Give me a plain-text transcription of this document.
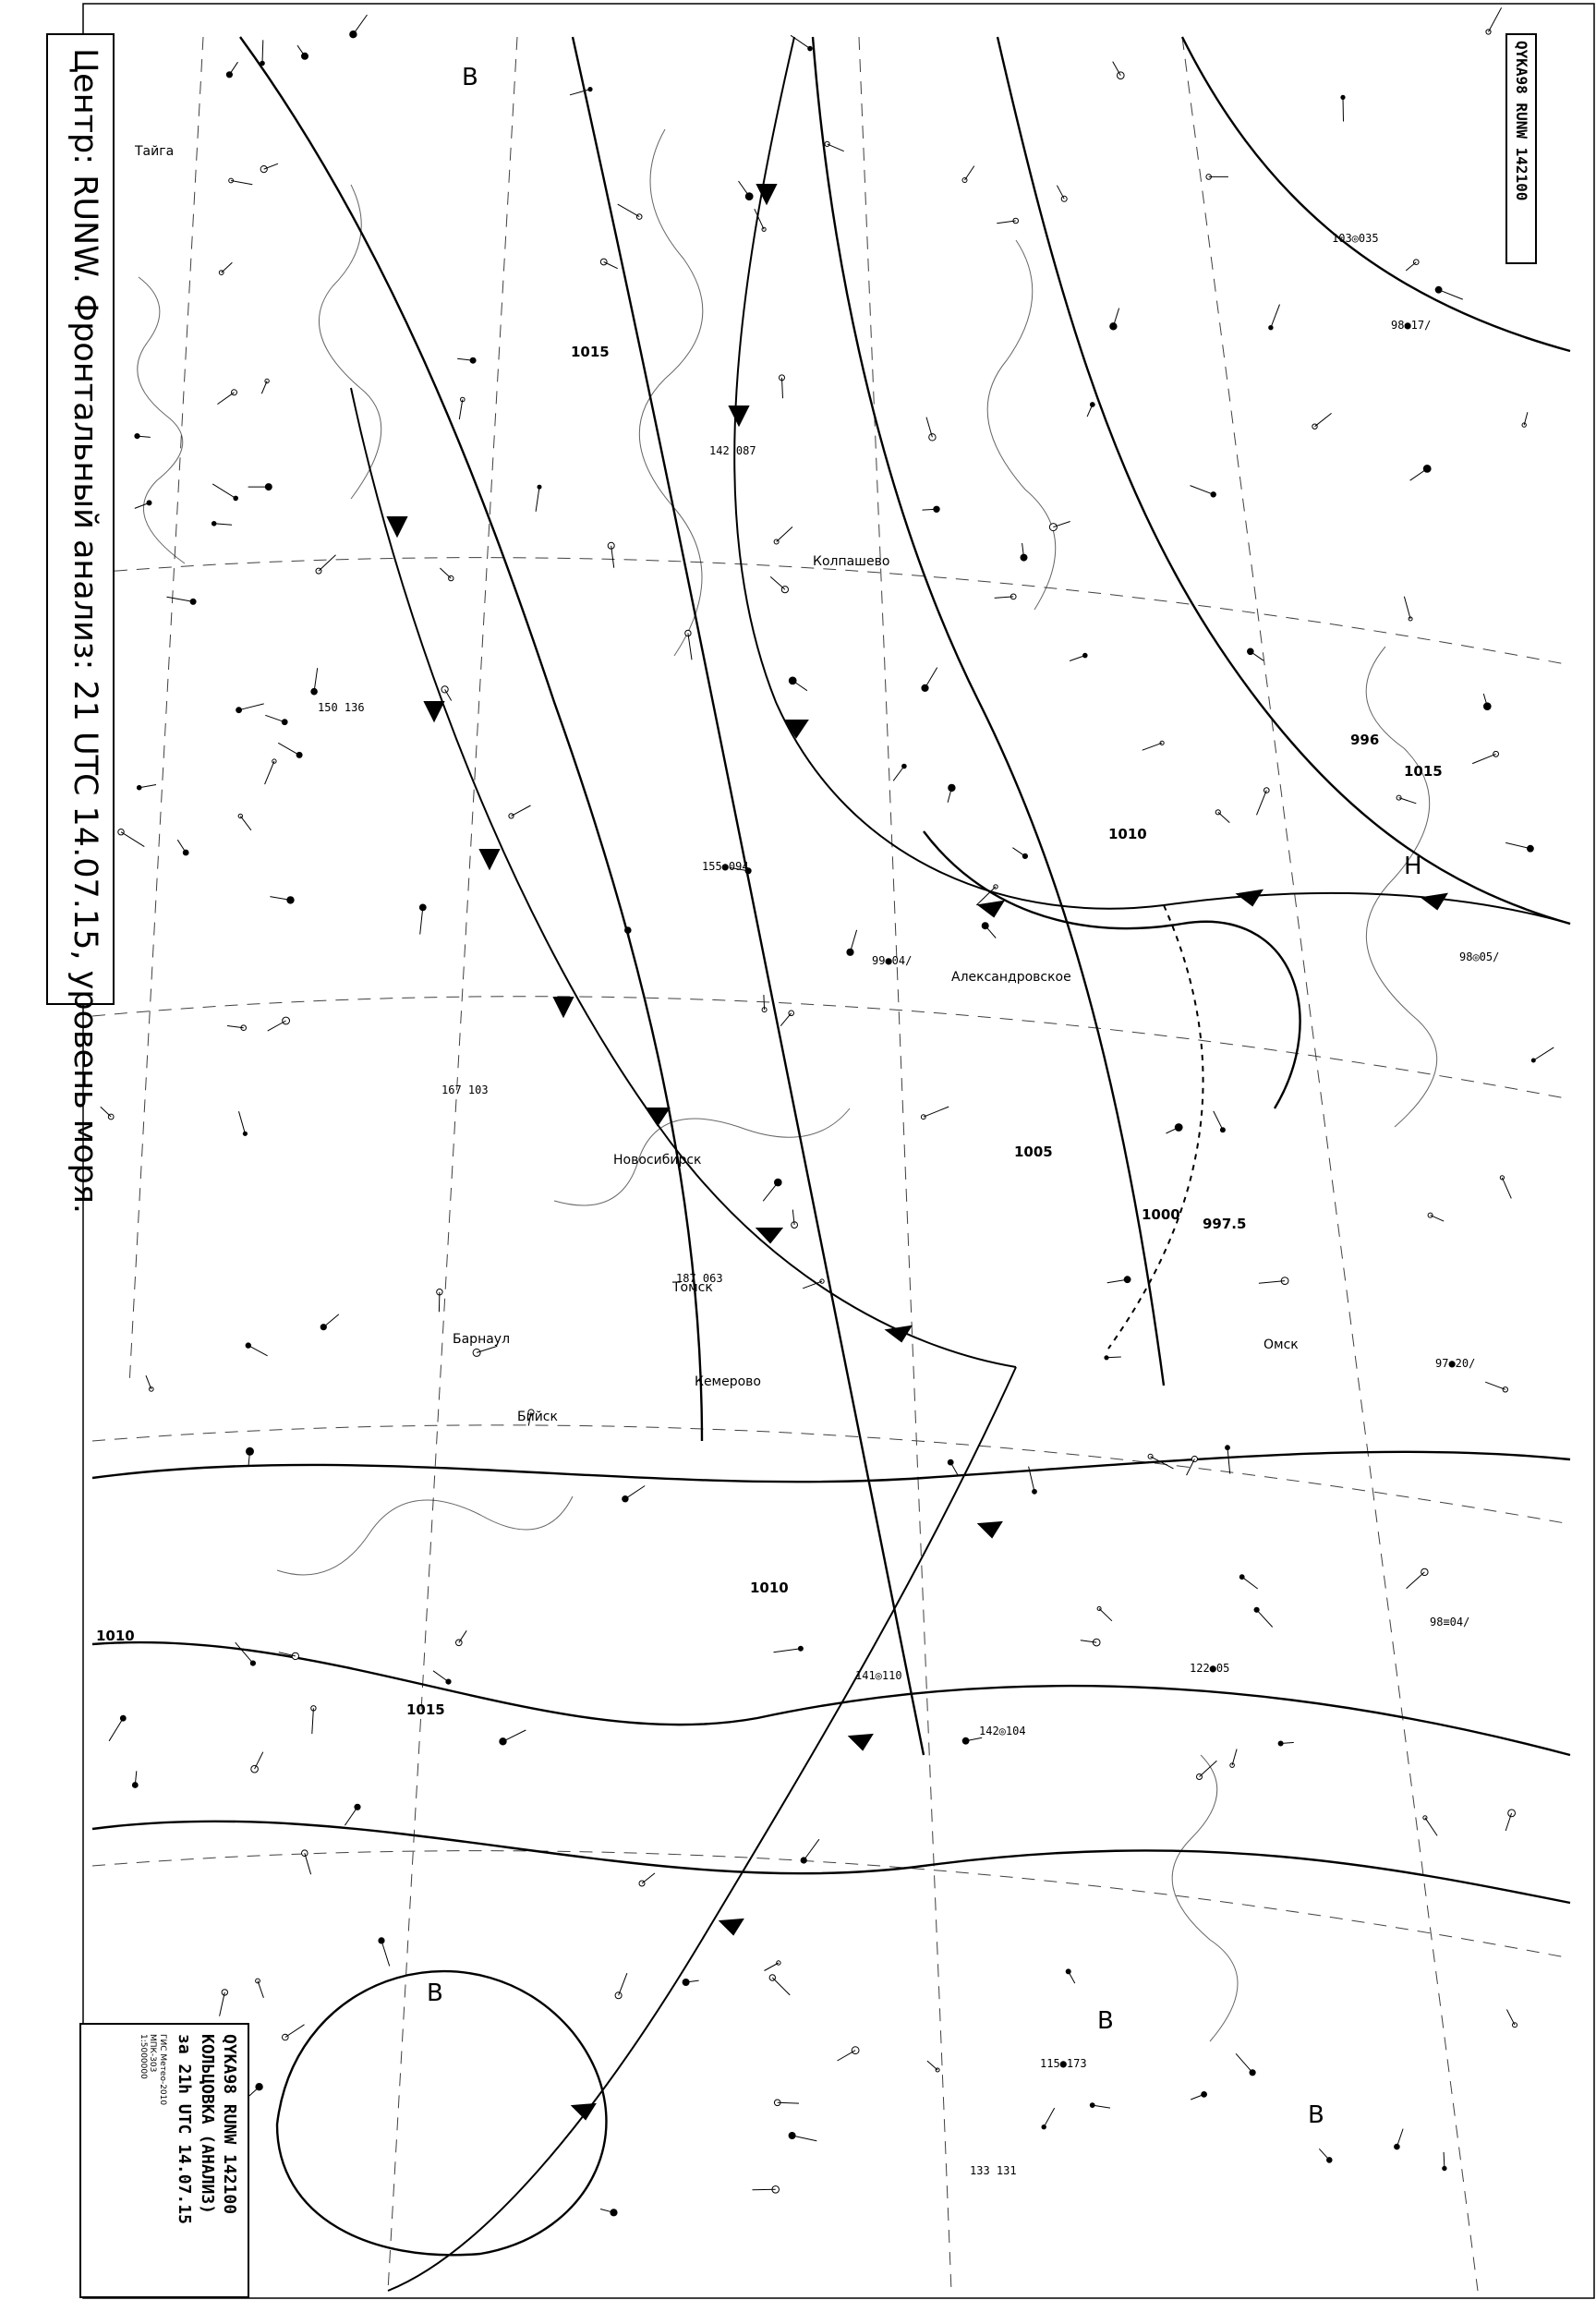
1015
1010
1005
1000
997.5
996
1015
1010
1010
1015
В
Н
В
В
В
Тайга
Колпашево
Александровское
Новосибирск
Томск
Барнаул
Кемерово
Бийск
Омск
98●17/
103◎035
142 087
155●094
167 103
99●04/
141◎110
98≡04/
122●05
187 063
150 136
142◎104
97●20/
115●173
98◎05/
133 131
Центр: RUNW. Фронтальный анализ: 21 UTC 14.07.15, уровень моря.	QYKA98 RUNW 142100
QYKA98 RUNW 142100
КОЛЬЦОВКА (АНАЛИЗ)
за 21h UTC 14.07.15
ГИС Метео-2010
МПК-303
1:5000000
